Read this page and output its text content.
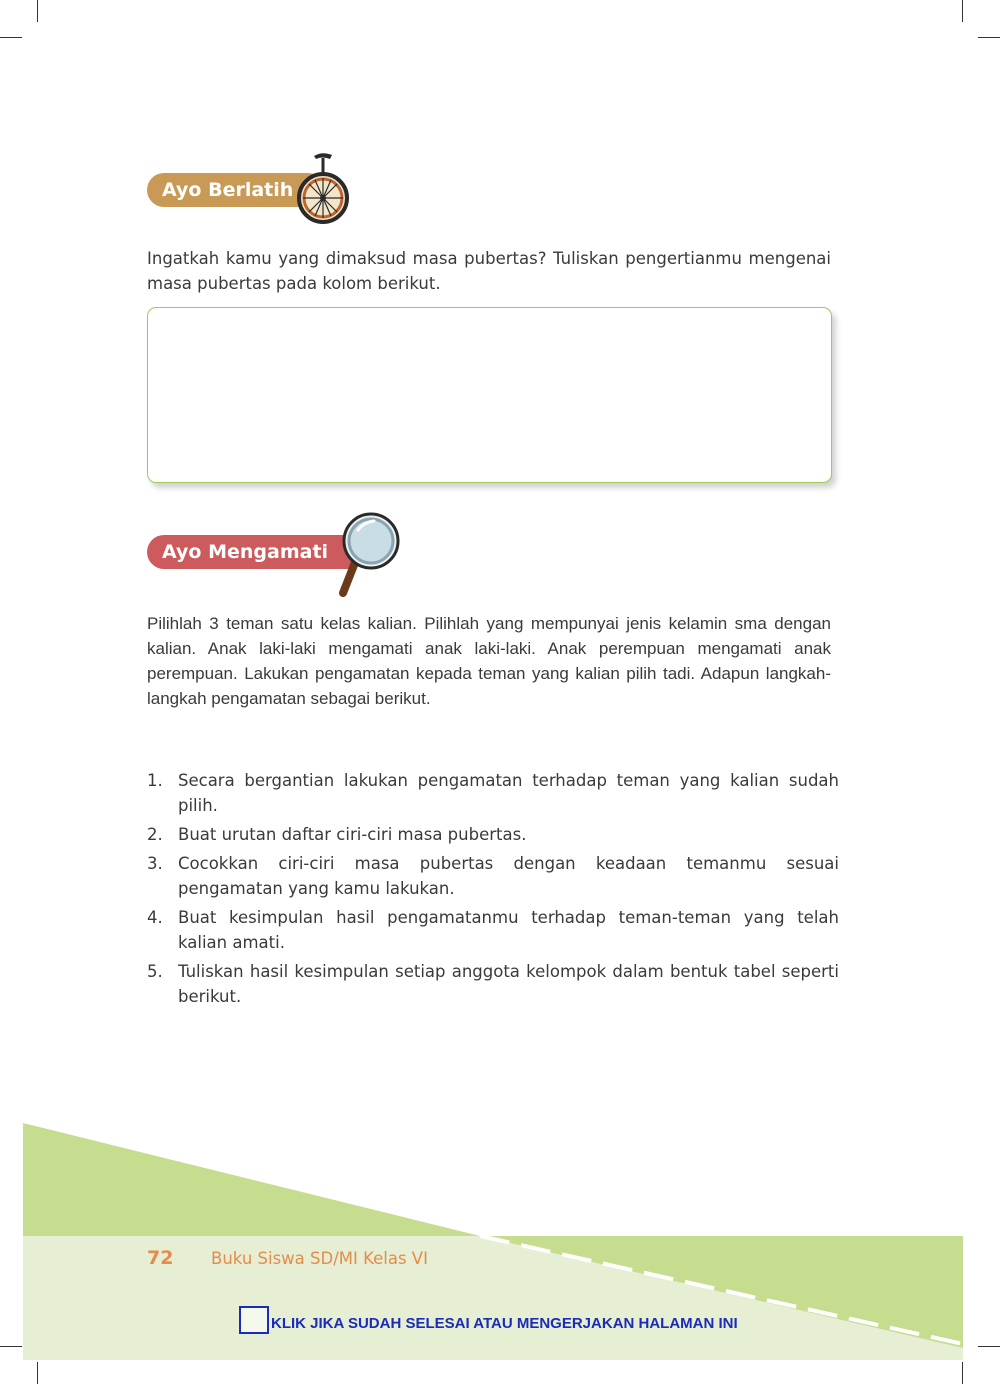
Ayo Berlatih

Ingatkah kamu yang dimaksud masa pubertas? Tuliskan pengertianmu mengenai masa pubertas pada kolom berikut.

Ayo Mengamati

Pilihlah 3 teman satu kelas kalian. Pilihlah yang mempunyai jenis kelamin sma dengan kalian. Anak laki-laki mengamati anak laki-laki. Anak perempuan mengamati anak perempuan. Lakukan pengamatan kepada teman yang kalian pilih tadi. Adapun langkah-langkah pengamatan sebagai berikut.

1. Secara bergantian lakukan pengamatan terhadap teman yang kalian sudah pilih.
2. Buat urutan daftar ciri-ciri masa pubertas.
3. Cocokkan ciri-ciri masa pubertas dengan keadaan temanmu sesuai pengamatan yang kamu lakukan.
4. Buat kesimpulan hasil pengamatanmu terhadap teman-teman yang telah kalian amati.
5. Tuliskan hasil kesimpulan setiap anggota kelompok dalam bentuk tabel seperti berikut.
72 Buku Siswa SD/MI Kelas VI
KLIK JIKA SUDAH SELESAI ATAU MENGERJAKAN HALAMAN INI
